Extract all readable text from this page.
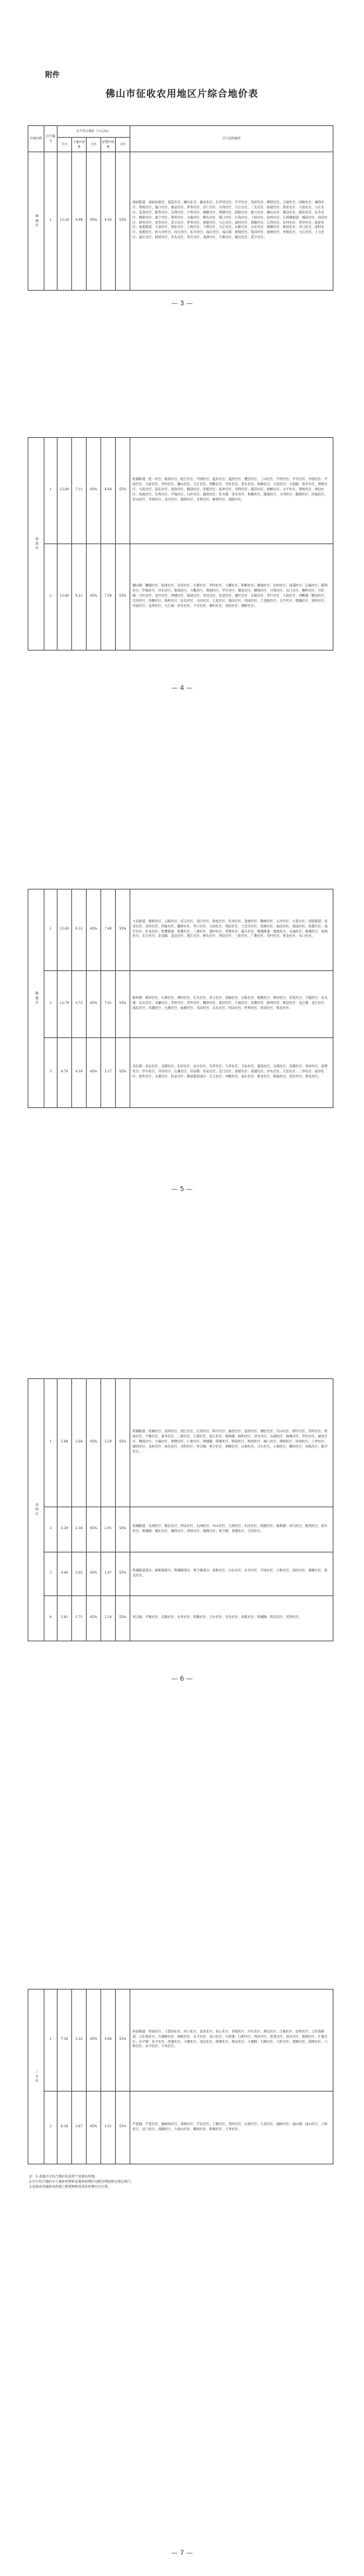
附件
佛山市征收农用地区片综合地价表
区域名称	区片编号	区片综合地价（万元/亩）					区片范围描述
		合计	土地补偿费	占比	安置补助费	占比	
禅城区	1	13.28	4.98	45%	8.30	55%	祖庙街道：祖庙居委会、莲花社区、澜石社区、城北社区、东华里社区、升平社区、兆祥社区、燎原社区、万福社区、园林社区、城西社区、黄岐社区、涌口社区、镇安社区、季华社区、亲仁社区、石湾社区、大江社区、三友社区、张槎社区、鸿业社区、大富社区、公正社区、美景社区、联华社区、石湾社区、兴华社区、弼塘社区、明窗社区、彩阳社区、群力社区、澜石社区、街边社区、朝东社区、东升社区、燎原社区、福宁社区、新村社区、大路社区、塘头社区、海口社区、石角社区、上柏社区、扶西社区；石湾镇街道：城南社区、同济社区、锦华社区、金华社区、金丰社区、季华社区、张槎社区、大江社区、深村社区、莲塘社区、江湾社区、东村社区、湾华社区、海景社区；张槎街道：大富社区、鸿业社区、上朗社区、下朗社区、大江社区、山紫社区、古灶社区、弼塘社区、新创社区、沙口社区、深村社区、张槎社区、新大沙社区、汾江社区、东平社区、南庄社区；南庄镇：紫洞社区、堤田社区、溶洲社区、罗格社区、大江社区、上元社区、南庄社区、梧村社区、杏头社区、务庄社区、龙津社区、吉利社区、隆庆社区、贺丰社区。
— 3 —
南海区	1	13.80	7.11	45%	8.69	55%	桂城街道：桂一社区、海景社区、桂江社区、平洲社区、夏东社区、夏西社区、叠滘社区、三山社区、平西社区、平东社区、沙尾社区、平南社区、大沥社区、罗村社区、狮山社区、九江社区、西樵社区、丹灶社区、里水社区、和顺社区、大沥社区；大沥镇：盐步社区、黄岐社区、大沥社区、沥东社区、沥西社区、鹤园社区、奇槎社区、泌冲社区、河西社区、联滘社区、颜峰社区、太平社区、黄岐社区、钟边社区、凤池社区、东秀社区、平地社区、白沙社区、湖景社区；里水镇：里水社区、和顺社区、逢涌社区、大冲社区、鹤峰社区、沙涌社区、赤山社区、草场社区、北沙社区、新联社区、甘蕉社区、麻奢社区、岗联社区。
	2	13.80	6.21	45%	7.59	55%	狮山镇：狮城社区、松岗社区、官窑社区、小塘社区、罗村社区、大圃社区、和顺社区、塘涌社区、北村社区、南浦社区、石碣社区、联和社区、罗洞社区、沙水社区、象岗社区、大榄社区、黄洞社区、罗行社区、塘边社区、横岗社区、兴贤社区、石门社区、狮岭社区；丹灶镇：丹灶社区、金沙社区、西城社区、仙岗社区、劳边社区、良登社区、城区社区、东联社区、罗行社区、大涡社区；西樵镇：樵园社区、百西社区、西樵社区、简村社区、民乐社区、大同社区、七星社区、新田社区、河岗社区、上金瓯社区、太平社区、儒溪社区、简村社区、崇南社区、龙湾社区、九江镇：沙头社区、下东社区、璜玑社区、河清社区、烟桥社区。
— 4 —
顺德区	1	13.60	6.12	45%	7.48	55%	大良街道：德和社区、云路社区、府又社区、北区社区、新松社区、红岗社区、金榜社区、顺峰社区、五沙社区、古鉴社区；容桂街道：容里社区、容西社区、四基社区、穗香社区、华口社区、马冈社区、细滘社区、上佳市社区、桂洲社区、扁滘社区、海尾社区、高黎社区、南区社区、红星社区；伦教街道：伦教社区、三洲社区、荔村社区、常教社区、霞石社区；勒流街道：勒流社区、众涌社区、新城社区、扶闾社区、光大社区；北滘镇：北滘社区、碧江社区、林头社区、西滘社区、三桂社区、广教社区、莘村社区、黄龙社区、水口社区。
	2	12.74	5.73	45%	7.01	55%	陈村镇：陈村社区、石洲社区、潭村社区、庄头社区、青云社区、仙涌社区、白陈社区、弼教社区、绀村社区、赤花社区、大都社区；乐从镇：乐从社区、水藤社区、劳村社区、罗沙社区、腾冲社区、葛岸社区、小涌社区、良教社区、路州社区、杨滘社区；龙江镇：龙江社区、南坑社区、苏溪社区、左滩社区、仙塘社区、官田社区、东头社区、坦田社区、世埠社区、旺岗社区、集北社区。
	3	9.76	4.39	45%	5.37	55%	杏坛镇：杏坛社区、龙潭社区、东村社区、北水社区、光华社区、马齐社区、吉佑社区、逢简社区、古朗社区、昌教社区、麦村社区、高赞社区、罗水社区、齐杏社区、右滩社区、均安镇：均安社区、仓门社区、星槎社区、南浦社区、沙头社区、天连社区、三华社区、南沙社区、新华社区、豸浦社区、均安社区；勒流街道部分：江义社区、冲鹤社区、南水社区、新安社区、稔海社区、连杜社区、黄连社区。
— 5 —
高明区	1	5.98	2.69	45%	3.29	55%	荷城街道：荷城社区、富湾社区、西江社区、江湾社区、和平社区、丽堂社区、富湾社区、塘肚社区、官山社区、新圩社区、苏村社区、铁岗社区、平塘社区、泰华社区、三洲社区、王洲社区、沧江社区；杨和镇：杨和社区、对川社区、石湖社区、杨梅社区、罗岸社区、丽堂社区、楼岗社区、大幕社区、界牌社区、仁和社区、明城镇：明城社区、明南社区、明西社区、城八社区、潭朗社区、坪洲社区、上坪社区、湖西社区、良村社区、岗头社区、光明社区；更合镇：更合社区、朗锦社区、白洞社区、合水社区、小洞社区、榴村社区、布练社区、新圩社区。
	2	5.29	2.38	45%	2.91	55%	荷城街道：东洲社区、塘东社区、西安社区、石洲社区、中山社区、王洲社区、东岸社区、新港社区；杨和镇：对川社区、杨西社区、深水社区；明城镇：城东社区、城西社区、西村社区、洞儒社区；更合镇：更楼社区、吉田社区。
	3	4.49	2.02	45%	2.47	55%	荷城街道部分、杨和镇部分、明城镇部分、更合镇部分：泰和社区、白石社区、水井社区、平岗社区、合和社区、高村社区、珠塘社区、唐美社区。
	4	3.81	1.71	45%	2.10	55%	更合镇：平塘社区、官塘社区、水井社区、料塘社区、合水社区、宅布社区、布练社区；明城镇：明东社区、光明社区。
— 6 —
三水区	1	7.38	3.32	45%	4.06	55%	西南街道：西南社区、王借岗社区、河口社区、金本社区、布心社区、青岐社区、沙头社区、洲边社区、江根社区、思贤社区；云东海街道：云东海社区、石湖洲社区、杨梅社区、永丰社区、迳口社区；白坭镇：白坭社区、西岸社区、富景社区、岗头社区、银洲社区、汇银社区；乐平镇：乐平社区、范湖社区、大塘社区、南边社区、源潭社区、保安社区；大塘镇：大塘社区、大旺社区、莲塘社区、前锋社区、六和社区、永平社区、大布社区。
	2	6.38	2.87	45%	3.51	55%	芦苞镇：芦苞社区、独树岗社区、刘寨社区、芦东社区、上塘社区、西河社区、长岐社区、大布社区、独树社区；南山镇：南山社区、六和社区、迳口社区、漫塘社区、大南山社区、横岗社区、新城社区、万寿社区。
注：1.本地区片综合地价仅适用于征收农用地。
2.区片综合地价中土地补偿费和安置补助费的分配比例按相关规定执行。
3.征收农用地涉及的地上附着物和青苗补偿费另行计算。
— 7 —
